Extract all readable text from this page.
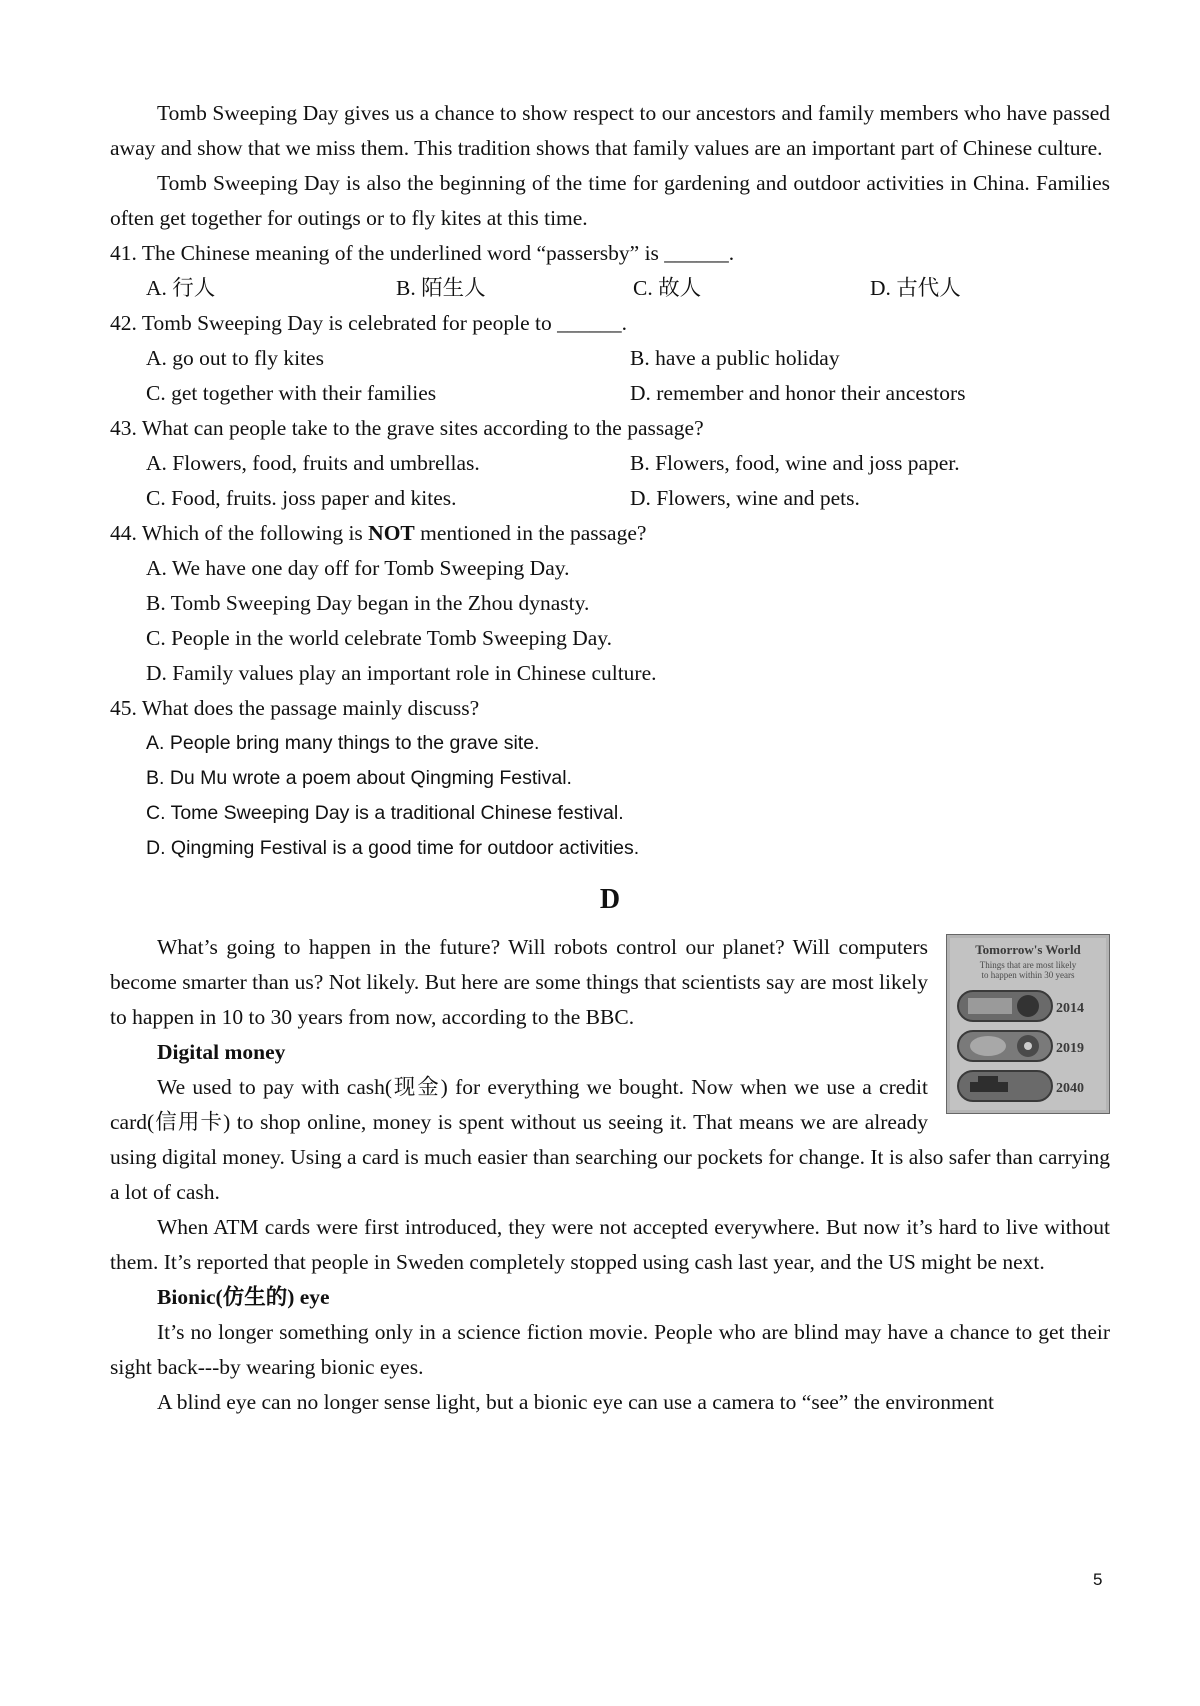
Tomb Sweeping Day gives us a chance to show respect to our ancestors and family members who have passed away and show that we miss them. This tradition shows that family values are an important part of Chinese culture.

Tomb Sweeping Day is also the beginning of the time for gardening and outdoor activities in China. Families often get together for outings or to fly kites at this time.

41. The Chinese meaning of the underlined word “passersby” is ______.

A. 行人	B. 陌生人	C. 故人	D. 古代人

42. Tomb Sweeping Day is celebrated for people to ______.

A. go out to fly kites	B. have a public holiday
C. get together with their families	D. remember and honor their ancestors

43. What can people take to the grave sites according to the passage?

A. Flowers, food, fruits and umbrellas.	B. Flowers, food, wine and joss paper.
C. Food, fruits. joss paper and kites.	D. Flowers, wine and pets.

44. Which of the following is NOT mentioned in the passage?

A. We have one day off for Tomb Sweeping Day.
B. Tomb Sweeping Day began in the Zhou dynasty.
C. People in the world celebrate Tomb Sweeping Day.
D. Family values play an important role in Chinese culture.

45. What does the passage mainly discuss?

A. People bring many things to the grave site.
B. Du Mu wrote a poem about Qingming Festival.
C. Tome Sweeping Day is a traditional Chinese festival.
D. Qingming Festival is a good time for outdoor activities.
D
Tomorrow's World
Things that are most likely
to happen within 30 years
2014
2019
2040

What’s going to happen in the future? Will robots control our planet? Will computers become smarter than us? Not likely. But here are some things that scientists say are most likely to happen in 10 to 30 years from now, according to the BBC.

Digital money

We used to pay with cash(现金) for everything we bought. Now when we use a credit card(信用卡) to shop online, money is spent without us seeing it. That means we are already using digital money. Using a card is much easier than searching our pockets for change. It is also safer than carrying a lot of cash.

When ATM cards were first introduced, they were not accepted everywhere. But now it’s hard to live without them. It’s reported that people in Sweden completely stopped using cash last year, and the US might be next.

Bionic(仿生的) eye

It’s no longer something only in a science fiction movie. People who are blind may have a chance to get their sight back---by wearing bionic eyes.

A blind eye can no longer sense light, but a bionic eye can use a camera to “see” the environment

5
